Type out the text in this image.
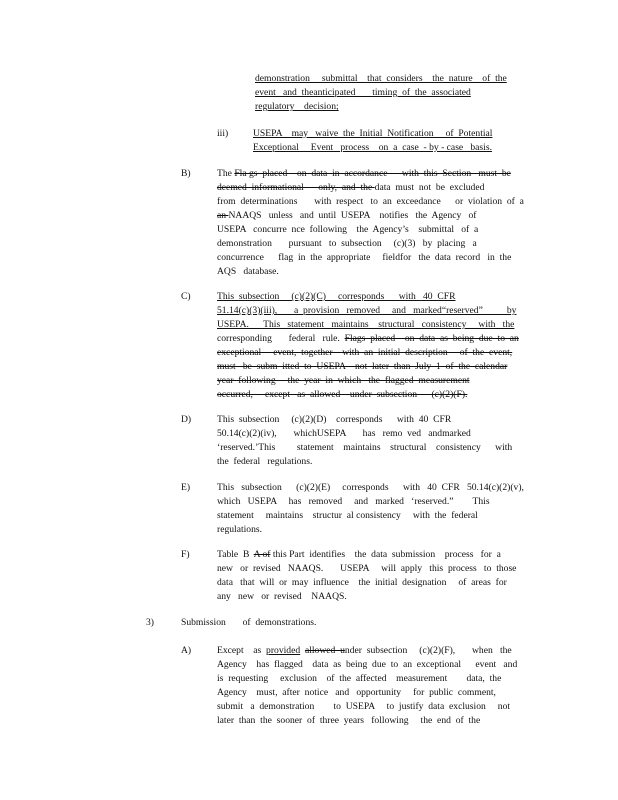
demonstration     submittal    that  considers    the  nature    of  the
event   and  theanticipated       timing  of  the  associated
regulatory    decision;
iii)	USEPA    may   waive  the  Initial  Notification     of  Potential
Exceptional     Event   process    on  a  case  - by - case   basis.
B)	The Fla gs  placed    on  data  in  accordance      with  this  Section   must  be
deemed  informational      only,  and  the data  must  not  be  excluded
from  determinations       with  respect   to  an  exceedance      or  violation  of  a
an NAAQS   unless   and  until  USEPA    notifies   the  Agency   of
USEPA   concurre  nce  following    the  Agency’s    submittal   of  a
demonstration       pursuant   to  subsection     (c)(3)   by  placing   a
concurrence      flag  in  the  appropriate     fieldfor   the  data  record   in  the
AQS   database.
C)	This  subsection     (c)(2)(C)     corresponds      with   40  CFR
51.14(c)(3)(iii),       a  provision   removed     and   marked“reserved”          by
USEPA.      This   statement   maintains    structural   consistency     with   the
corresponding       federal   rule.  Flags  placed    on  data  as  being  due  to  an
exceptional     event,  together    with  an  initial  description     of  the  event,
must   be  subm  itted  to  USEPA    not  later  than  July  1  of  the  calendar
year  following     the  year  in  which   the  flagged  measurement
occurred,     except   as  allowed    under  subsection      (c)(2)(F).
D)	This  subsection     (c)(2)(D)    corresponds      with  40  CFR
50.14(c)(2)(iv),       whichUSEPA       has   remo  ved   andmarked
‘reserved.’This         statement    maintains    structural    consistency      with
the  federal   regulations.
E)	This   subsection      (c)(2)(E)     corresponds      with   40  CFR   50.14(c)(2)(v),
which   USEPA     has   removed     and   marked   ‘reserved.”        This
statement     maintains    structur  al consistency     with  the  federal
regulations.
F)	Table  B  A of this Part  identifies    the  data  submission    process   for  a
new   or  revised   NAAQS.       USEPA     will  apply   this  process   to  those
data   that  will  or  may  influence    the  initial  designation     of  areas  for
any   new   or  revised    NAAQS.
3)	Submission       of  demonstrations.
A)	Except    as  provided allowed  under  subsection     (c)(2)(F),       when   the
Agency    has  flagged    data  as  being  due  to  an  exceptional      event   and
is  requesting     exclusion    of  the  affected    measurement        data,  the
Agency    must,  after  notice   and   opportunity     for  public  comment,
submit   a  demonstration        to  USEPA     to  justify  data  exclusion     not
later  than  the  sooner  of  three  years   following     the  end  of  the
